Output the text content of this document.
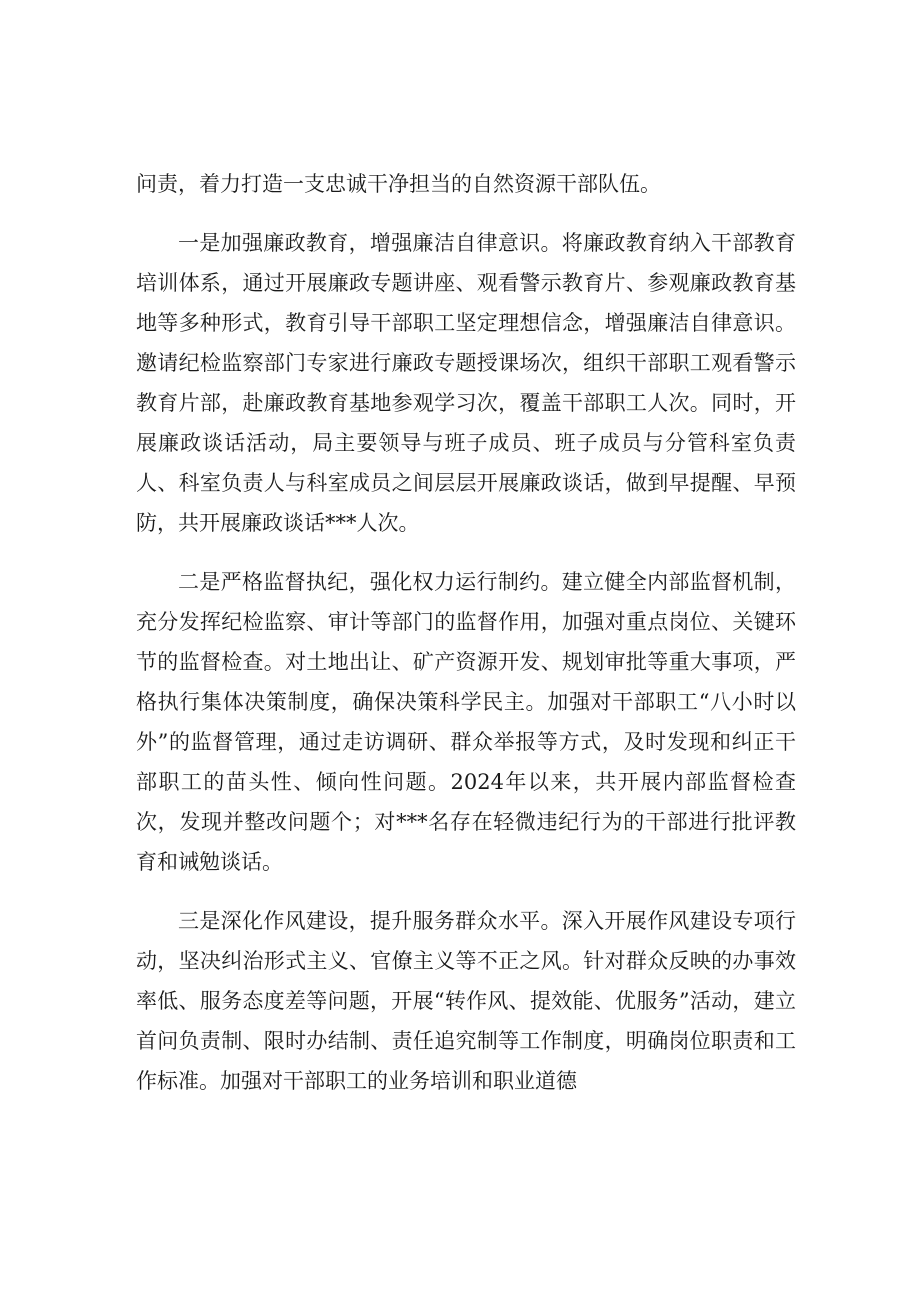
问责，着力打造一支忠诚干净担当的自然资源干部队伍。

一是加强廉政教育，增强廉洁自律意识。将廉政教育纳入干部教育培训体系，通过开展廉政专题讲座、观看警示教育片、参观廉政教育基地等多种形式，教育引导干部职工坚定理想信念，增强廉洁自律意识。邀请纪检监察部门专家进行廉政专题授课场次，组织干部职工观看警示教育片部，赴廉政教育基地参观学习次，覆盖干部职工人次。同时，开展廉政谈话活动，局主要领导与班子成员、班子成员与分管科室负责人、科室负责人与科室成员之间层层开展廉政谈话，做到早提醒、早预防，共开展廉政谈话***人次。

二是严格监督执纪，强化权力运行制约。建立健全内部监督机制，充分发挥纪检监察、审计等部门的监督作用，加强对重点岗位、关键环节的监督检查。对土地出让、矿产资源开发、规划审批等重大事项，严格执行集体决策制度，确保决策科学民主。加强对干部职工“八小时以外”的监督管理，通过走访调研、群众举报等方式，及时发现和纠正干部职工的苗头性、倾向性问题。2024年以来，共开展内部监督检查次，发现并整改问题个；对***名存在轻微违纪行为的干部进行批评教育和诫勉谈话。

三是深化作风建设，提升服务群众水平。深入开展作风建设专项行动，坚决纠治形式主义、官僚主义等不正之风。针对群众反映的办事效率低、服务态度差等问题，开展“转作风、提效能、优服务”活动，建立首问负责制、限时办结制、责任追究制等工作制度，明确岗位职责和工作标准。加强对干部职工的业务培训和职业道德
